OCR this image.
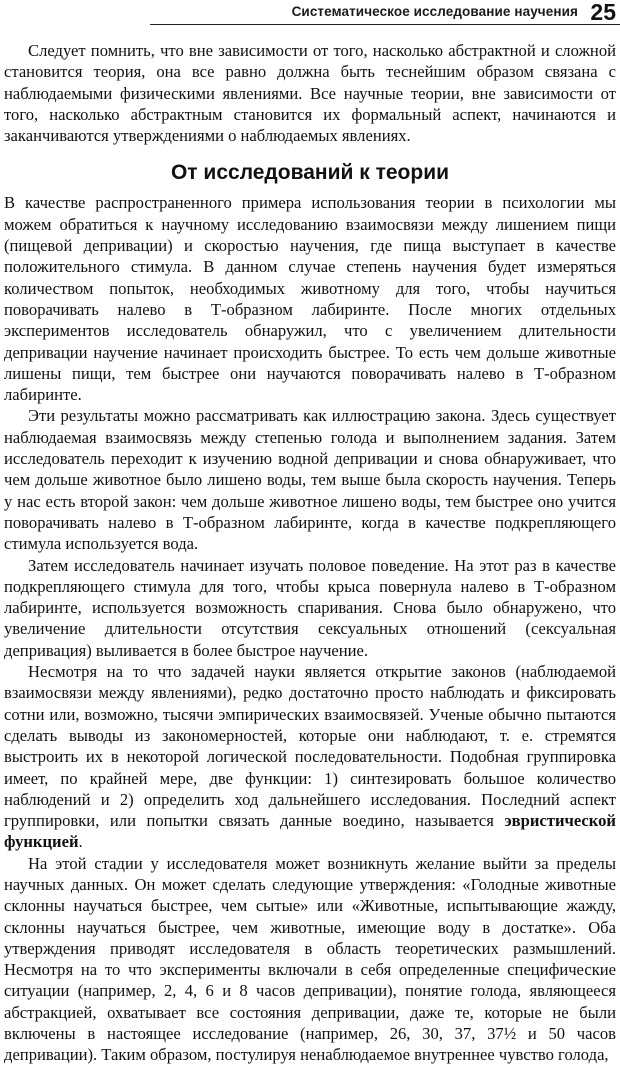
Систематическое исследование научения 25

Следует помнить, что вне зависимости от того, насколько абстрактной и сложной становится теория, она все равно должна быть теснейшим образом связана с наблюдаемыми физическими явлениями. Все научные теории, вне зависимости от того, насколько абстрактным становится их формальный аспект, начинаются и заканчиваются утверждениями о наблюдаемых явлениях.

От исследований к теории

В качестве распространенного примера использования теории в психологии мы можем обратиться к научному исследованию взаимосвязи между лишением пищи (пищевой депривации) и скоростью научения, где пища выступает в качестве положительного стимула. В данном случае степень научения будет измеряться количеством попыток, необходимых животному для того, чтобы научиться поворачивать налево в Т-образном лабиринте. После многих отдельных экспериментов исследователь обнаружил, что с увеличением длительности депривации научение начинает происходить быстрее. То есть чем дольше животные лишены пищи, тем быстрее они научаются поворачивать налево в Т-образном лабиринте.

Эти результаты можно рассматривать как иллюстрацию закона. Здесь существует наблюдаемая взаимосвязь между степенью голода и выполнением задания. Затем исследователь переходит к изучению водной депривации и снова обнаруживает, что чем дольше животное было лишено воды, тем выше была скорость научения. Теперь у нас есть второй закон: чем дольше животное лишено воды, тем быстрее оно учится поворачивать налево в Т-образном лабиринте, когда в качестве подкрепляющего стимула используется вода.

Затем исследователь начинает изучать половое поведение. На этот раз в качестве подкрепляющего стимула для того, чтобы крыса повернула налево в Т-образном лабиринте, используется возможность спаривания. Снова было обнаружено, что увеличение длительности отсутствия сексуальных отношений (сексуальная депривация) выливается в более быстрое научение.

Несмотря на то что задачей науки является открытие законов (наблюдаемой взаимосвязи между явлениями), редко достаточно просто наблюдать и фиксировать сотни или, возможно, тысячи эмпирических взаимосвязей. Ученые обычно пытаются сделать выводы из закономерностей, которые они наблюдают, т. е. стремятся выстроить их в некоторой логической последовательности. Подобная группировка имеет, по крайней мере, две функции: 1) синтезировать большое количество наблюдений и 2) определить ход дальнейшего исследования. Последний аспект группировки, или попытки связать данные воедино, называется эвристической функцией.

На этой стадии у исследователя может возникнуть желание выйти за пределы научных данных. Он может сделать следующие утверждения: «Голодные животные склонны научаться быстрее, чем сытые» или «Животные, испытывающие жажду, склонны научаться быстрее, чем животные, имеющие воду в достатке». Оба утверждения приводят исследователя в область теоретических размышлений. Несмотря на то что эксперименты включали в себя определенные специфические ситуации (например, 2, 4, 6 и 8 часов депривации), понятие голода, являющееся абстракцией, охватывает все состояния депривации, даже те, которые не были включены в настоящее исследование (например, 26, 30, 37, 37½ и 50 часов депривации). Таким образом, постулируя ненаблюдаемое внутреннее чувство голода,
